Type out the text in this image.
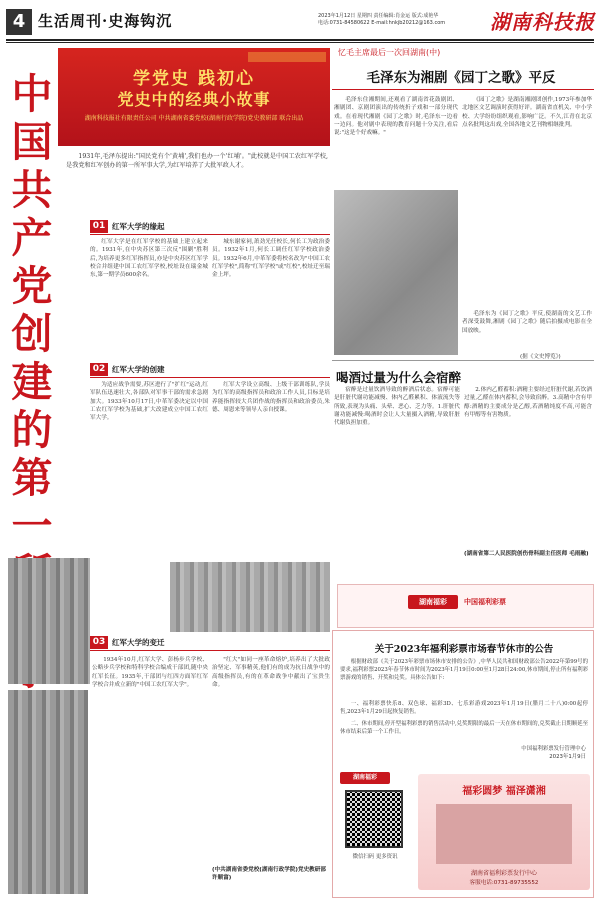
4 生活周刊·史海钩沉	2023年1月12日 星期四 责任编辑:肖金运 版式:成艳华
电话:0731-84580622 E-mail:hnkjb20212@163.com	湖南科技报
中国共产党创建的第一
学党史 践初心
党史中的经典小故事
湖南科技报社有限责任公司 中共湖南省委党校(湖南行政学院)党史教研部 联合出品
1931年,毛泽东提出:"国民党有个'黄埔',我们也办一个'红埔'。"此校就是中国工农红军学校,是我党和红军创办的第一所军事大学,为红军培养了大批军政人才。
01 红军大学的缘起
红军大学是在红军学校的基础上建立起来的。1931年,在中央苏区第三次反"围剿"胜利后,为培养更多红军指挥员,亦是中央苏区红军学校合并组建中国工农红军学校,校址设在瑞金城东,第一期学员600余名。
城东谢家祠,萧劲光任校长,何长工为政治委员。1932年1月,何长工调任红军学校政治委员。1932年6月,中革军委将校名改为"中国工农红军学校",简称"红军学校"或"红校",校址迁至瑞金上坪。
02 红军大学的创建
为适应战争需要,苏区进行了"扩红"运动,红军队伍迅速壮大,各部队对军事干部的需求急剧加大。1933年10月17日,中革军委决定以中国工农红军学校为基础,扩大改建成立中国工农红军大学。
红军大学设立高级、上级干部训练队,学员为红军的高级指挥员和政治工作人员,目标是培养能指挥较大兵团作战的指挥员和政治委员,朱德、周恩来等领导人亲自授课。
03 红军大学的变迁
1934年10月,红军大学、彭杨步兵学校、公略步兵学校和特科学校合编成干部团,随中央红军长征。1935年,干部团与红四方面军红军学校合并成立新的"中国工农红军大学"。
"红大"如同一座革命熔炉,培养出了大批政治坚定、军事精英,他们有的成为抗日战争中的高级指挥员,有的在革命战争中献出了宝贵生命。
(中共湖南省委党校(湖南行政学院)党史教研部 许顺富)
忆毛主席最后一次回湖南(中)
毛泽东为湘剧《园丁之歌》平反
毛泽东住湘期间,还观看了湖南省花鼓剧团、湘剧团、京剧团演出的传统折子戏和一部分现代戏。在看现代湘剧《园丁之歌》时,毛泽东一边看一边问。他对剧中表现的教育问题十分关注,看后说:"这是个好戏嘛。"
《园丁之歌》是湖南湘剧团创作,1973年参加华北地区文艺调演时获得好评。湖南省直机关、中小学校、大学纷纷组织观看,影响广泛。不久,江青在北京点名批判这出戏,全国各地文艺刊物相继批判。
毛泽东为《园丁之歌》平反,使湖南的文艺工作者深受鼓舞,湘剧《园丁之歌》随后拍摄成电影在全国放映。
(据《文史博览》)
喝酒过量为什么会宿醉
宿醉是过量饮酒导致的醉酒后状态。宿醉可能是肝脏代谢功能减慢、体内乙醛累积、体液流失等所致,表现为头痛、头晕、恶心、乏力等。1.肝脏代谢功能减慢:喝酒时会让人大量摄入酒精,导致肝脏代谢负担加重。
2.体内乙醛蓄积:酒精主要经过肝脏代谢,若饮酒过量,乙醛在体内蓄积,会导致宿醉。3.高精中含有甲醇:酒精的主要成分是乙醇,若酒精纯度不高,可能含有甲醇等有害物质。
(湖南省第二人民医院创伤骨科副主任医师 毛雨融)
湖南福彩	中国福利彩票
关于2023年福利彩票市场春节休市的公告
根据财政部《关于2023年彩票市场休市安排的公告》,中华人民共和国财政部公告2022年第99号的要求,福利彩票2023年春节休市时间为2023年1月19日0:00至1月28日24:00,休市期间,停止所有福利彩票游戏的销售、开奖和兑奖。具体公告如下:
一、福利彩票快乐8、双色球、福彩3D、七乐彩游戏2023年1月19日(腊月二十八)0:00起停售,2023年1月29日起恢复销售。
二、休市期间,停开型福利彩票的销售活动中,兑奖期限的最后一天在休市期间的,兑奖截止日期顺延至休市结束后第一个工作日。
中国福利彩票发行管理中心
2023年1月9日
湖南福彩
微信扫码 更多资讯
福彩圆梦 福泽潇湘
湖南省福利彩票发行中心
客服电话:0731-89735552
